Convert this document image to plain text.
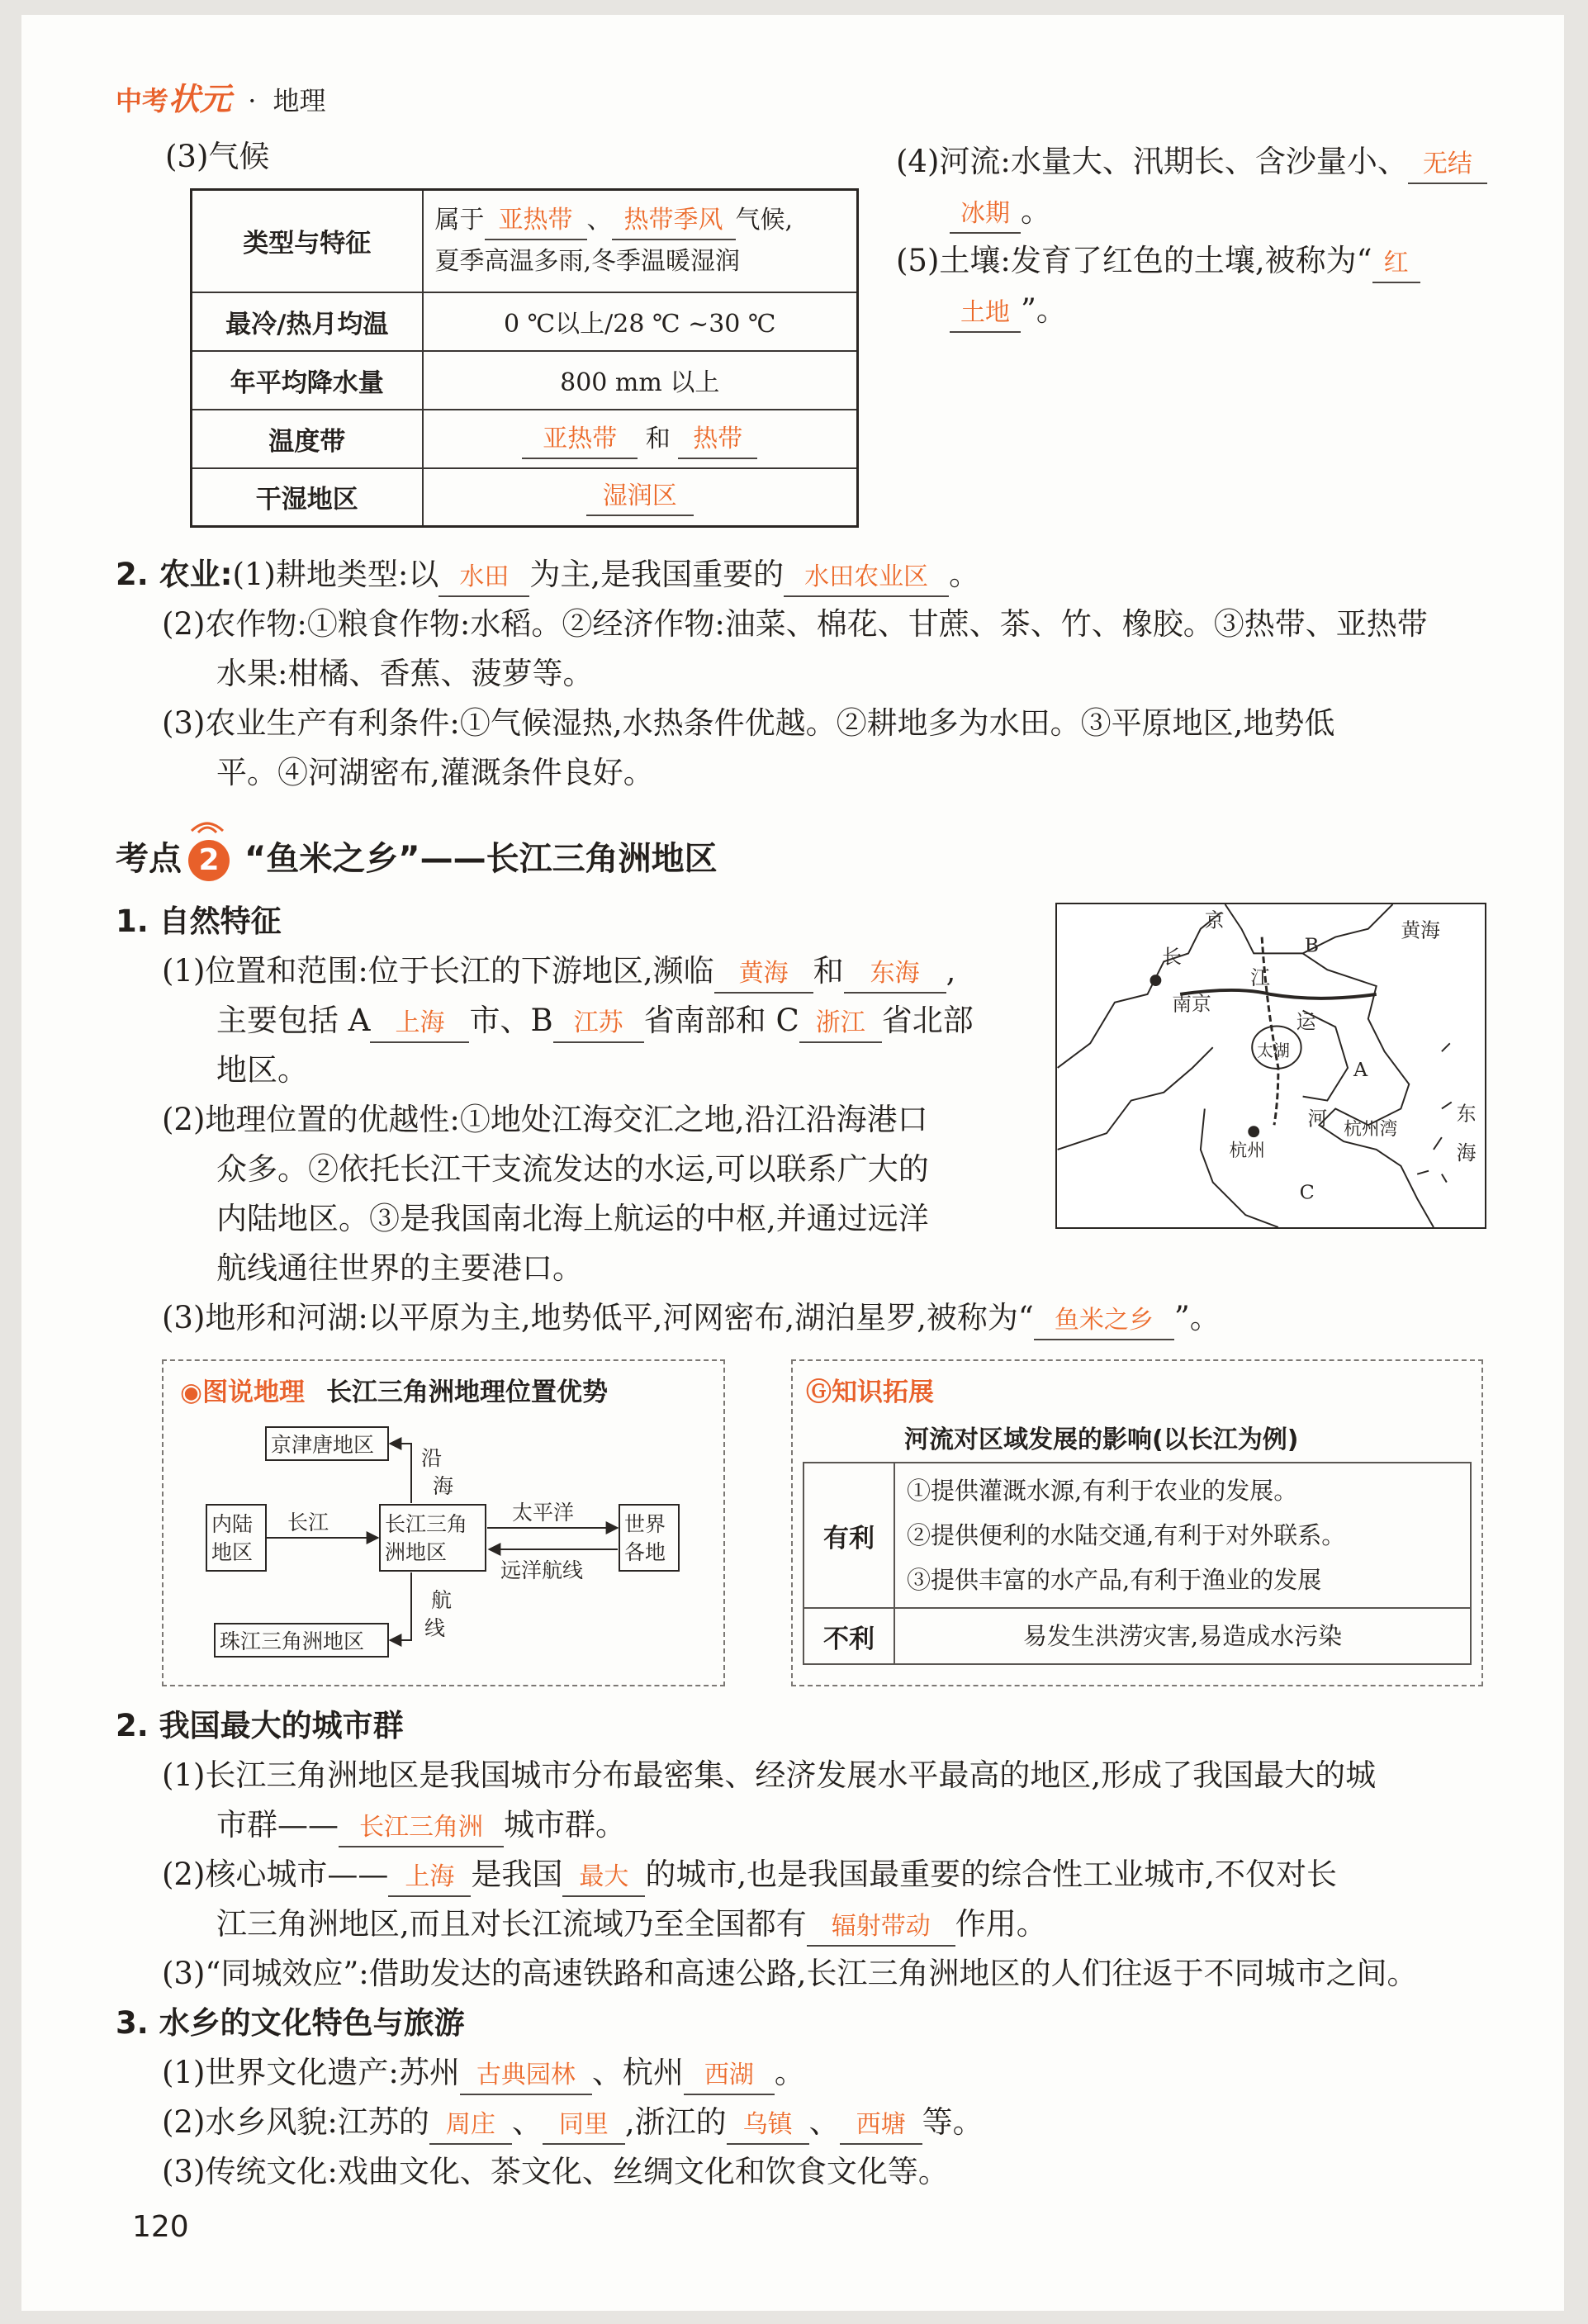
中考状元 · 地理
(3)气候
类型与特征	属于 亚热带 、 热带季风 气候,
夏季高温多雨,冬季温暖湿润

最冷/热月均温	0 ℃以上/28 ℃ ~30 ℃
年平均降水量	800 mm 以上
温度带	亚热带 和 热带
干湿地区	湿润区
(4)河流:水量大、汛期长、含沙量小、 无结
冰期 。
(5)土壤:发育了红色的土壤,被称为“ 红
土地 ”。
2. 农业:(1)耕地类型:以 水田 为主,是我国重要的 水田农业区 。
(2)农作物:①粮食作物:水稻。②经济作物:油菜、棉花、甘蔗、茶、竹、橡胶。③热带、亚热带
水果:柑橘、香蕉、菠萝等。
(3)农业生产有利条件:①气候湿热,水热条件优越。②耕地多为水田。③平原地区,地势低
平。④河湖密布,灌溉条件良好。
考点 2 “鱼米之乡”——长江三角洲地区
1. 自然特征
(1)位置和范围:位于长江的下游地区,濒临 黄海 和 东海 ,
主要包括 A 上海 市、B 江苏 省南部和 C 浙江 省北部
地区。
(2)地理位置的优越性:①地处江海交汇之地,沿江沿海港口
众多。②依托长江干支流发达的水运,可以联系广大的
内陆地区。③是我国南北海上航运的中枢,并通过远洋
航线通往世界的主要港口。
(3)地形和河湖:以平原为主,地势低平,河网密布,湖泊星罗,被称为“ 鱼米之乡 ”。
京
长
江
南京
B
黄海
运
太湖
A
河 杭州湾
杭州
东
海
C
◉图说地理 长江三角洲地理位置优势
京津唐地区
内陆
地区
长江三角
洲地区
世界
各地
珠江三角洲地区
沿
海
长江	太平洋
远洋航线
航
线
Ⓖ知识拓展
河流对区域发展的影响(以长江为例)
有利	①提供灌溉水源,有利于农业的发展。
②提供便利的水陆交通,有利于对外联系。
③提供丰富的水产品,有利于渔业的发展

不利	易发生洪涝灾害,易造成水污染
2. 我国最大的城市群
(1)长江三角洲地区是我国城市分布最密集、经济发展水平最高的地区,形成了我国最大的城
市群—— 长江三角洲 城市群。
(2)核心城市—— 上海 是我国 最大 的城市,也是我国最重要的综合性工业城市,不仅对长
江三角洲地区,而且对长江流域乃至全国都有 辐射带动 作用。
(3)“同城效应”:借助发达的高速铁路和高速公路,长江三角洲地区的人们往返于不同城市之间。
3. 水乡的文化特色与旅游
(1)世界文化遗产:苏州 古典园林 、杭州 西湖 。
(2)水乡风貌:江苏的 周庄 、 同里 ,浙江的 乌镇 、 西塘 等。
(3)传统文化:戏曲文化、茶文化、丝绸文化和饮食文化等。
120
